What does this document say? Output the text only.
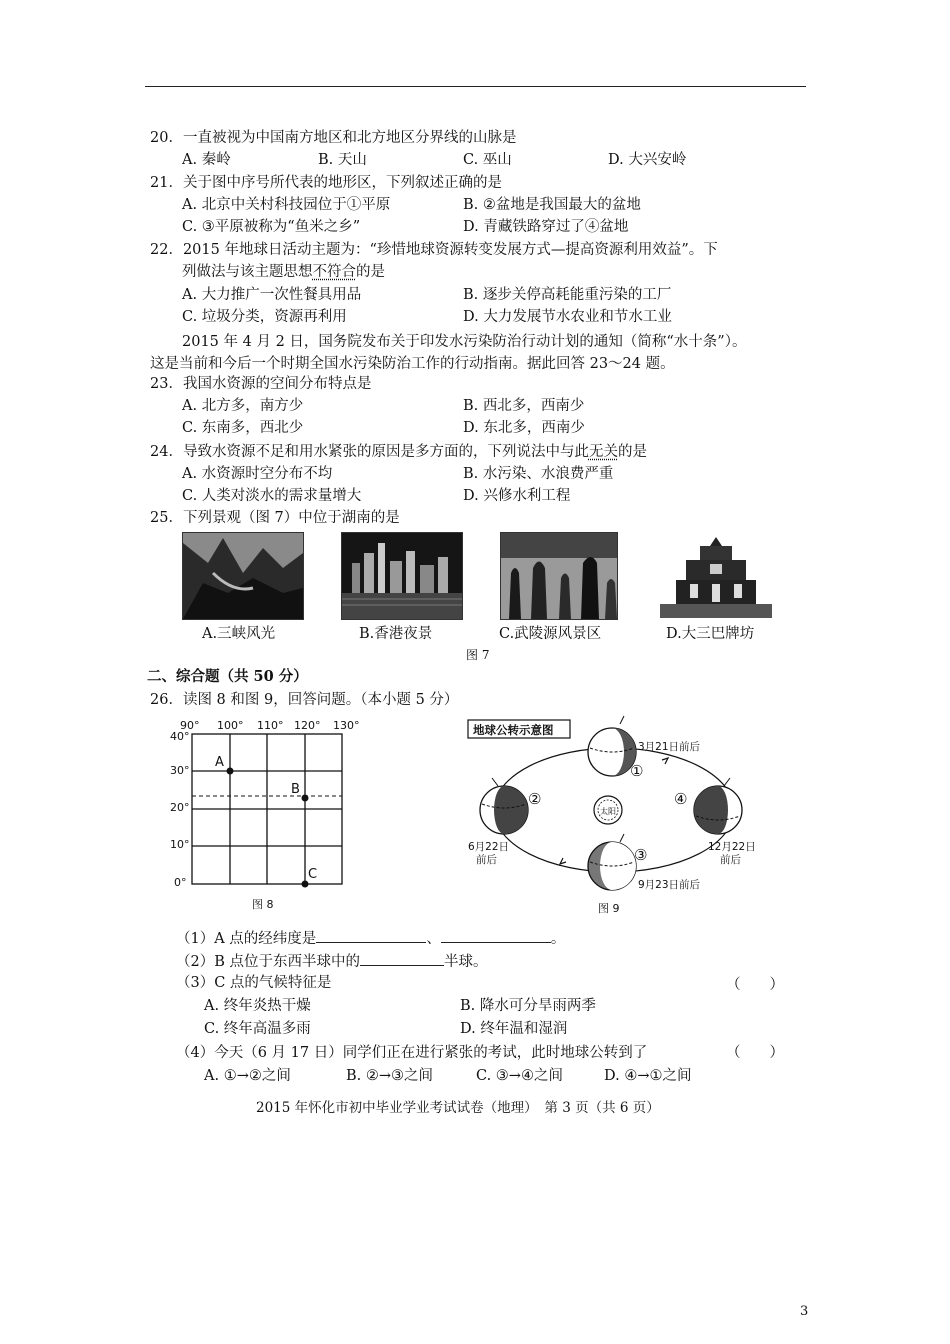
20．一直被视为中国南方地区和北方地区分界线的山脉是
A. 秦岭	B. 天山	C. 巫山	D. 大兴安岭
21．关于图中序号所代表的地形区，下列叙述正确的是
A. 北京中关村科技园位于①平原	B. ②盆地是我国最大的盆地
C. ③平原被称为“鱼米之乡”	D. 青藏铁路穿过了④盆地
22．2015 年地球日活动主题为：“珍惜地球资源转变发展方式—提高资源利用效益”。下
列做法与该主题思想不符合的是
A. 大力推广一次性餐具用品	B. 逐步关停高耗能重污染的工厂
C. 垃圾分类，资源再利用	D. 大力发展节水农业和节水工业
2015 年 4 月 2 日，国务院发布关于印发水污染防治行动计划的通知（简称“水十条”）。
这是当前和今后一个时期全国水污染防治工作的行动指南。据此回答 23～24 题。
23．我国水资源的空间分布特点是
A. 北方多，南方少	B. 西北多，西南少
C. 东南多，西北少	D. 东北多，西南少
24．导致水资源不足和用水紧张的原因是多方面的，下列说法中与此无关的是
A. 水资源时空分布不均	B. 水污染、水浪费严重
C. 人类对淡水的需求量增大	D. 兴修水利工程
25．下列景观（图 7）中位于湖南的是
A.三峡风光	B.香港夜景	C.武陵源风景区	D.大三巴牌坊
图 7
二、综合题（共 50 分）
26．读图 8 和图 9，回答问题。（本小题 5 分）
90° 100° 110° 120° 130°
40°
30°
20°
10°
0°
A
B
C
图 8
地球公转示意图
太阳
3月21日前后
6月22日
前后
12月22日
前后
9月23日前后
①
②
③
④
图 9
（1）A 点的经纬度是	、	。
（2）B 点位于东西半球中的	半球。
（3）C 点的气候特征是	（　　）
A. 终年炎热干燥	B. 降水可分旱雨两季
C. 终年高温多雨	D. 终年温和湿润
（4）今天（6 月 17 日）同学们正在进行紧张的考试，此时地球公转到了	（　　）
A. ①→②之间	B. ②→③之间	C. ③→④之间	D. ④→①之间
2015 年怀化市初中毕业学业考试试卷（地理）　第 3 页（共 6 页）
3
